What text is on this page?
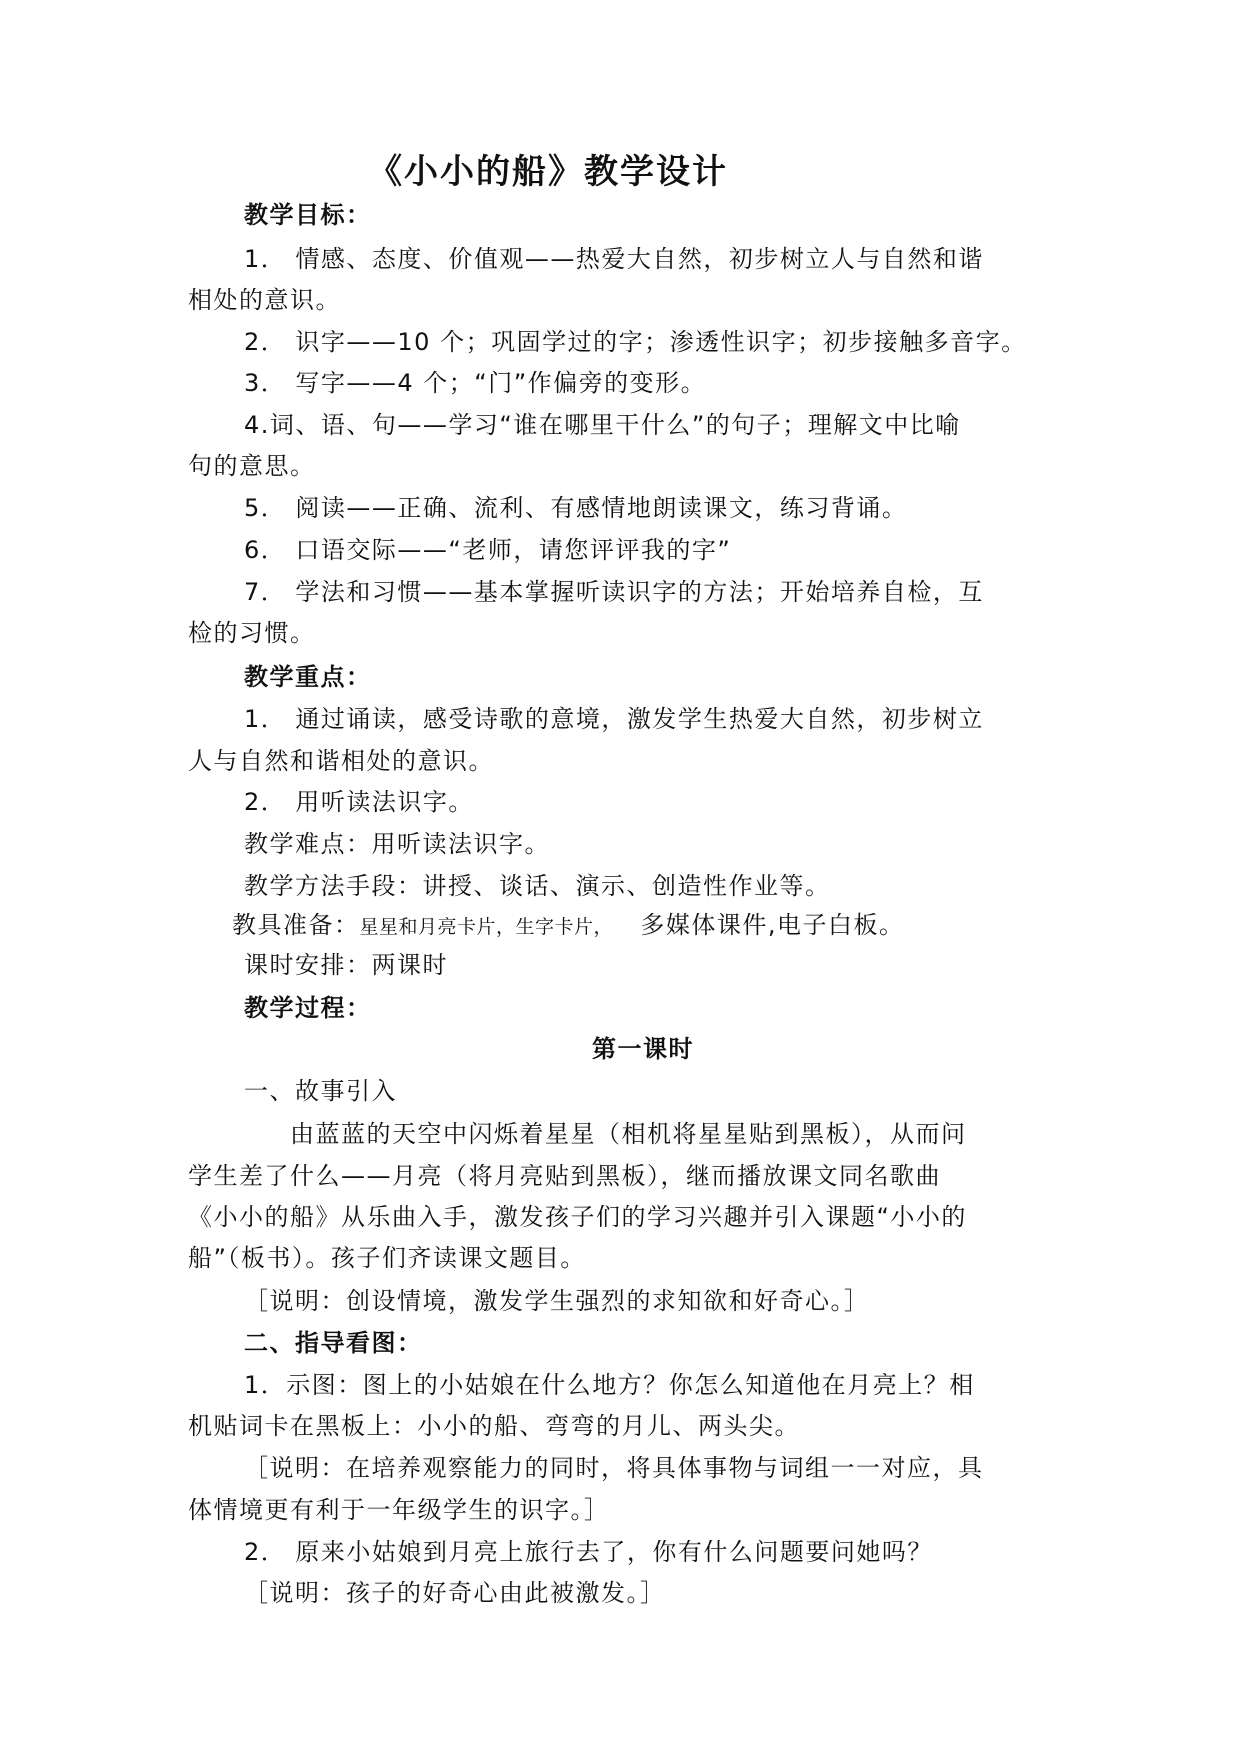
《小小的船》教学设计
教学目标：
1． 情感、态度、价值观——热爱大自然，初步树立人与自然和谐
相处的意识。
2． 识字——10 个；巩固学过的字；渗透性识字；初步接触多音字。
3． 写字——4 个；“门”作偏旁的变形。
4.词、语、句——学习“谁在哪里干什么”的句子；理解文中比喻
句的意思。
5． 阅读——正确、流利、有感情地朗读课文，练习背诵。
6． 口语交际——“老师，请您评评我的字”
7． 学法和习惯——基本掌握听读识字的方法；开始培养自检，互
检的习惯。
教学重点：
1． 通过诵读，感受诗歌的意境，激发学生热爱大自然，初步树立
人与自然和谐相处的意识。
2． 用听读法识字。
教学难点：用听读法识字。
教学方法手段：讲授、谈话、演示、创造性作业等。
教具准备：星星和月亮卡片，生字卡片， 多媒体课件,电子白板。
课时安排：两课时
教学过程：
第一课时
一、故事引入
由蓝蓝的天空中闪烁着星星（相机将星星贴到黑板），从而问
学生差了什么——月亮（将月亮贴到黑板），继而播放课文同名歌曲
《小小的船》从乐曲入手，激发孩子们的学习兴趣并引入课题“小小的
船”（板书）。孩子们齐读课文题目。
［说明：创设情境，激发学生强烈的求知欲和好奇心。］
二、指导看图：
1．示图：图上的小姑娘在什么地方？你怎么知道他在月亮上？相
机贴词卡在黑板上：小小的船、弯弯的月儿、两头尖。
［说明：在培养观察能力的同时，将具体事物与词组一一对应，具
体情境更有利于一年级学生的识字。］
2． 原来小姑娘到月亮上旅行去了，你有什么问题要问她吗？
［说明：孩子的好奇心由此被激发。］
